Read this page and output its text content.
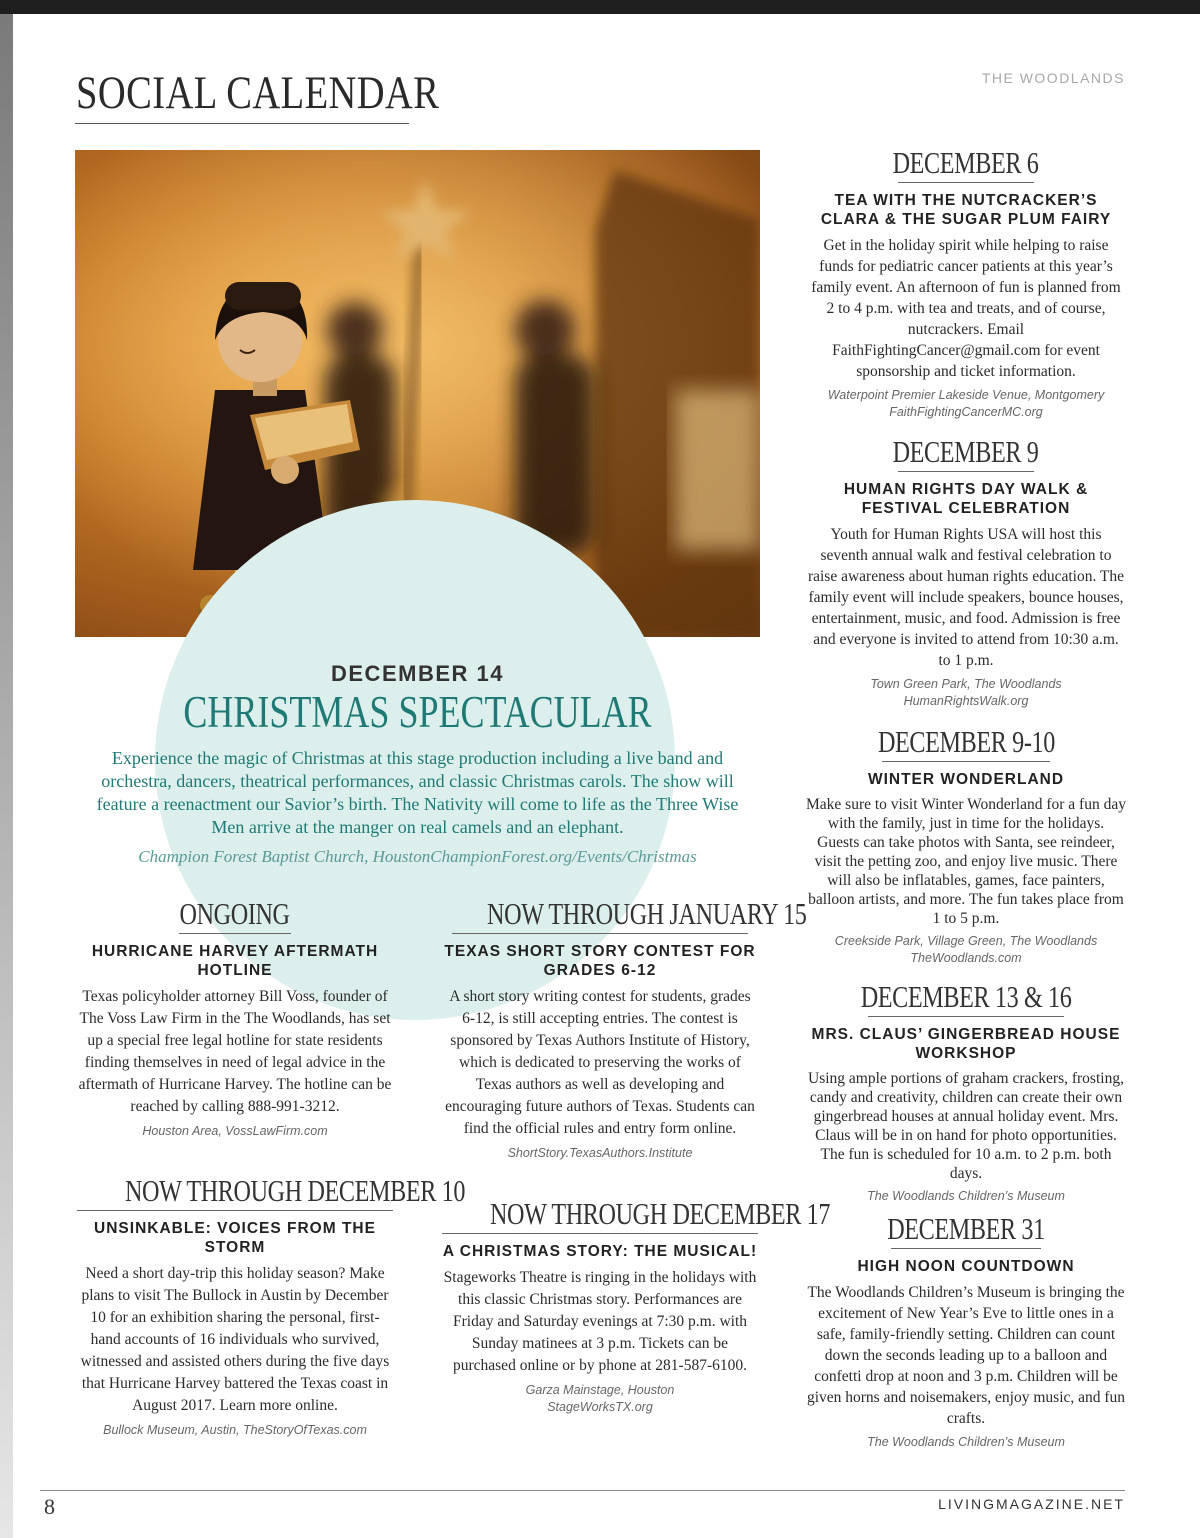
SOCIAL CALENDAR	THE WOODLANDS
DECEMBER 14
CHRISTMAS SPECTACULAR
Experience the magic of Christmas at this stage production including a live band and orchestra, dancers, theatrical performances, and classic Christmas carols. The show will feature a reenactment our Savior’s birth. The Nativity will come to life as the Three Wise Men arrive at the manger on real camels and an elephant.
Champion Forest Baptist Church, HoustonChampionForest.org/Events/Christmas
ONGOING
HURRICANE HARVEY AFTERMATH HOTLINE
Texas policyholder attorney Bill Voss, founder of The Voss Law Firm in the The Woodlands, has set up a special free legal hotline for state residents finding themselves in need of legal advice in the aftermath of Hurricane Harvey. The hotline can be reached by calling 888-991-3212.
Houston Area, VossLawFirm.com
NOW THROUGH DECEMBER 10
UNSINKABLE: VOICES FROM THE STORM
Need a short day-trip this holiday season? Make plans to visit The Bullock in Austin by December 10 for an exhibition sharing the personal, first-hand accounts of 16 individuals who survived, witnessed and assisted others during the five days that Hurricane Harvey battered the Texas coast in August 2017. Learn more online.
Bullock Museum, Austin, TheStoryOfTexas.com
NOW THROUGH JANUARY 15
TEXAS SHORT STORY CONTEST FOR GRADES 6-12
A short story writing contest for students, grades 6-12, is still accepting entries. The contest is sponsored by Texas Authors Institute of History, which is dedicated to preserving the works of Texas authors as well as developing and encouraging future authors of Texas. Students can find the official rules and entry form online.
ShortStory.TexasAuthors.Institute
NOW THROUGH DECEMBER 17
A CHRISTMAS STORY: THE MUSICAL!
Stageworks Theatre is ringing in the holidays with this classic Christmas story. Performances are Friday and Saturday evenings at 7:30 p.m. with Sunday matinees at 3 p.m. Tickets can be purchased online or by phone at 281-587-6100.
Garza Mainstage, Houston
StageWorksTX.org
DECEMBER 6
TEA WITH THE NUTCRACKER’S CLARA & THE SUGAR PLUM FAIRY
Get in the holiday spirit while helping to raise funds for pediatric cancer patients at this year’s family event. An afternoon of fun is planned from 2 to 4 p.m. with tea and treats, and of course, nutcrackers. Email FaithFightingCancer@gmail.com for event sponsorship and ticket information.
Waterpoint Premier Lakeside Venue, Montgomery
FaithFightingCancerMC.org
DECEMBER 9
HUMAN RIGHTS DAY WALK & FESTIVAL CELEBRATION
Youth for Human Rights USA will host this seventh annual walk and festival celebration to raise awareness about human rights education. The family event will include speakers, bounce houses, entertainment, music, and food. Admission is free and everyone is invited to attend from 10:30 a.m. to 1 p.m.
Town Green Park, The Woodlands
HumanRightsWalk.org
DECEMBER 9-10
WINTER WONDERLAND
Make sure to visit Winter Wonderland for a fun day with the family, just in time for the holidays. Guests can take photos with Santa, see reindeer, visit the petting zoo, and enjoy live music. There will also be inflatables, games, face painters, balloon artists, and more. The fun takes place from 1 to 5 p.m.
Creekside Park, Village Green, The Woodlands
TheWoodlands.com
DECEMBER 13 & 16
MRS. CLAUS’ GINGERBREAD HOUSE WORKSHOP
Using ample portions of graham crackers, frosting, candy and creativity, children can create their own gingerbread houses at annual holiday event. Mrs. Claus will be in on hand for photo opportunities. The fun is scheduled for 10 a.m. to 2 p.m. both days.
The Woodlands Children’s Museum
DECEMBER 31
HIGH NOON COUNTDOWN
The Woodlands Children’s Museum is bringing the excitement of New Year’s Eve to little ones in a safe, family-friendly setting. Children can count down the seconds leading up to a balloon and confetti drop at noon and 3 p.m. Children will be given horns and noisemakers, enjoy music, and fun crafts.
The Woodlands Children’s Museum
8	LIVINGMAGAZINE.NET
